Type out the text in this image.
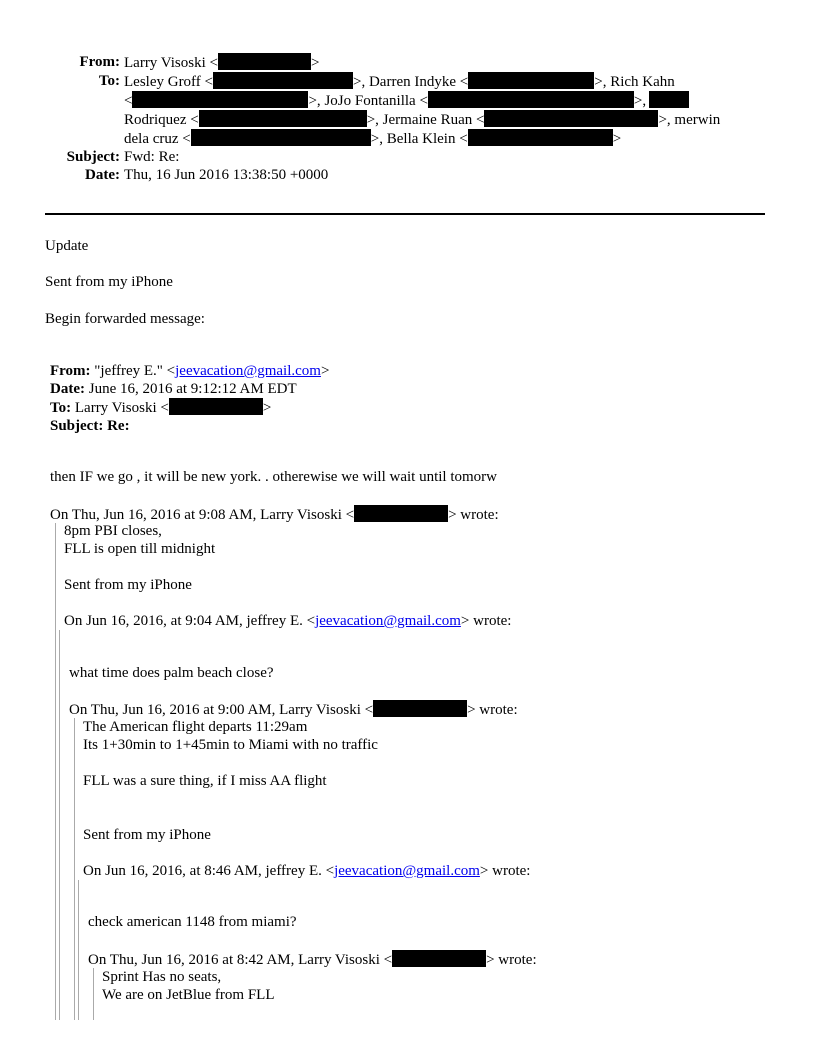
From: Larry Visoski <	>
To: Lesley Groff <	>, Darren Indyke <	>, Rich Kahn
<	>, JoJo Fontanilla <	>,
Rodriquez <	>, Jermaine Ruan <	>, merwin
dela cruz <	>, Bella Klein <	>
Subject: Fwd: Re:
Date: Thu, 16 Jun 2016 13:38:50 +0000
Update
Sent from my iPhone
Begin forwarded message:
From: "jeffrey E." <jeevacation@gmail.com>
Date: June 16, 2016 at 9:12:12 AM EDT
To: Larry Visoski <	>
Subject: Re:
then IF we go , it will be new york. . otherewise we will wait until tomorw
On Thu, Jun 16, 2016 at 9:08 AM, Larry Visoski <	> wrote:
8pm PBI closes,
FLL is open till midnight
Sent from my iPhone
On Jun 16, 2016, at 9:04 AM, jeffrey E. <jeevacation@gmail.com> wrote:
what time does palm beach close?
On Thu, Jun 16, 2016 at 9:00 AM, Larry Visoski <	> wrote:
The American flight departs 11:29am
Its 1+30min to 1+45min to Miami with no traffic
FLL was a sure thing, if I miss AA flight
Sent from my iPhone
On Jun 16, 2016, at 8:46 AM, jeffrey E. <jeevacation@gmail.com> wrote:
check american 1148 from miami?
On Thu, Jun 16, 2016 at 8:42 AM, Larry Visoski <	> wrote:
Sprint Has no seats,
We are on JetBlue from FLL
